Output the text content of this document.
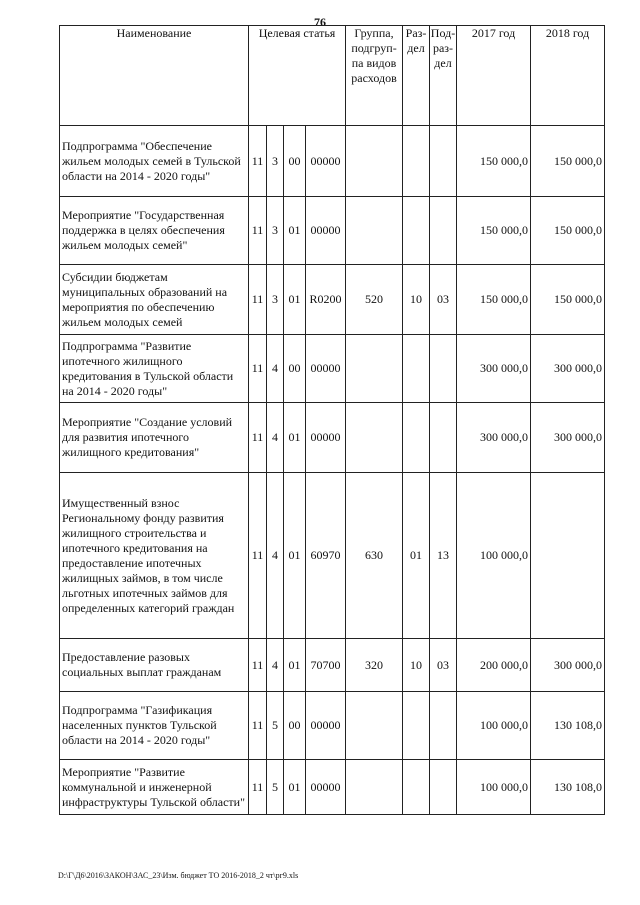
76
Наименование	Целевая статья				Группа, подгруп-па видов расходов	Раз-дел	Под-раз-дел	2017 год	2018 год
Подпрограмма "Обеспечение жильем молодых семей в Тульской области на 2014 - 2020 годы"	11	3	00	00000				150 000,0	150 000,0
Мероприятие "Государственная поддержка в целях обеспечения жильем молодых семей"	11	3	01	00000				150 000,0	150 000,0
Субсидии бюджетам муниципальных образований на мероприятия по обеспечению жильем молодых семей	11	3	01	R0200	520	10	03	150 000,0	150 000,0
Подпрограмма "Развитие ипотечного жилищного кредитования в Тульской области на 2014 - 2020 годы"	11	4	00	00000				300 000,0	300 000,0
Мероприятие "Создание условий для развития ипотечного жилищного кредитования"	11	4	01	00000				300 000,0	300 000,0
Имущественный взнос Региональному фонду развития жилищного строительства и ипотечного кредитования на предоставление ипотечных жилищных займов, в том числе льготных ипотечных займов для определенных категорий граждан	11	4	01	60970	630	01	13	100 000,0	
Предоставление разовых социальных выплат гражданам	11	4	01	70700	320	10	03	200 000,0	300 000,0
Подпрограмма "Газификация населенных пунктов Тульской области на 2014 - 2020 годы"	11	5	00	00000				100 000,0	130 108,0
Мероприятие "Развитие коммунальной и инженерной инфраструктуры Тульской области"	11	5	01	00000				100 000,0	130 108,0
D:\Г\Д6\2016\ЗАКОН\ЗАС_23\Изм. бюджет ТО 2016-2018_2 чт\рг9.xls
